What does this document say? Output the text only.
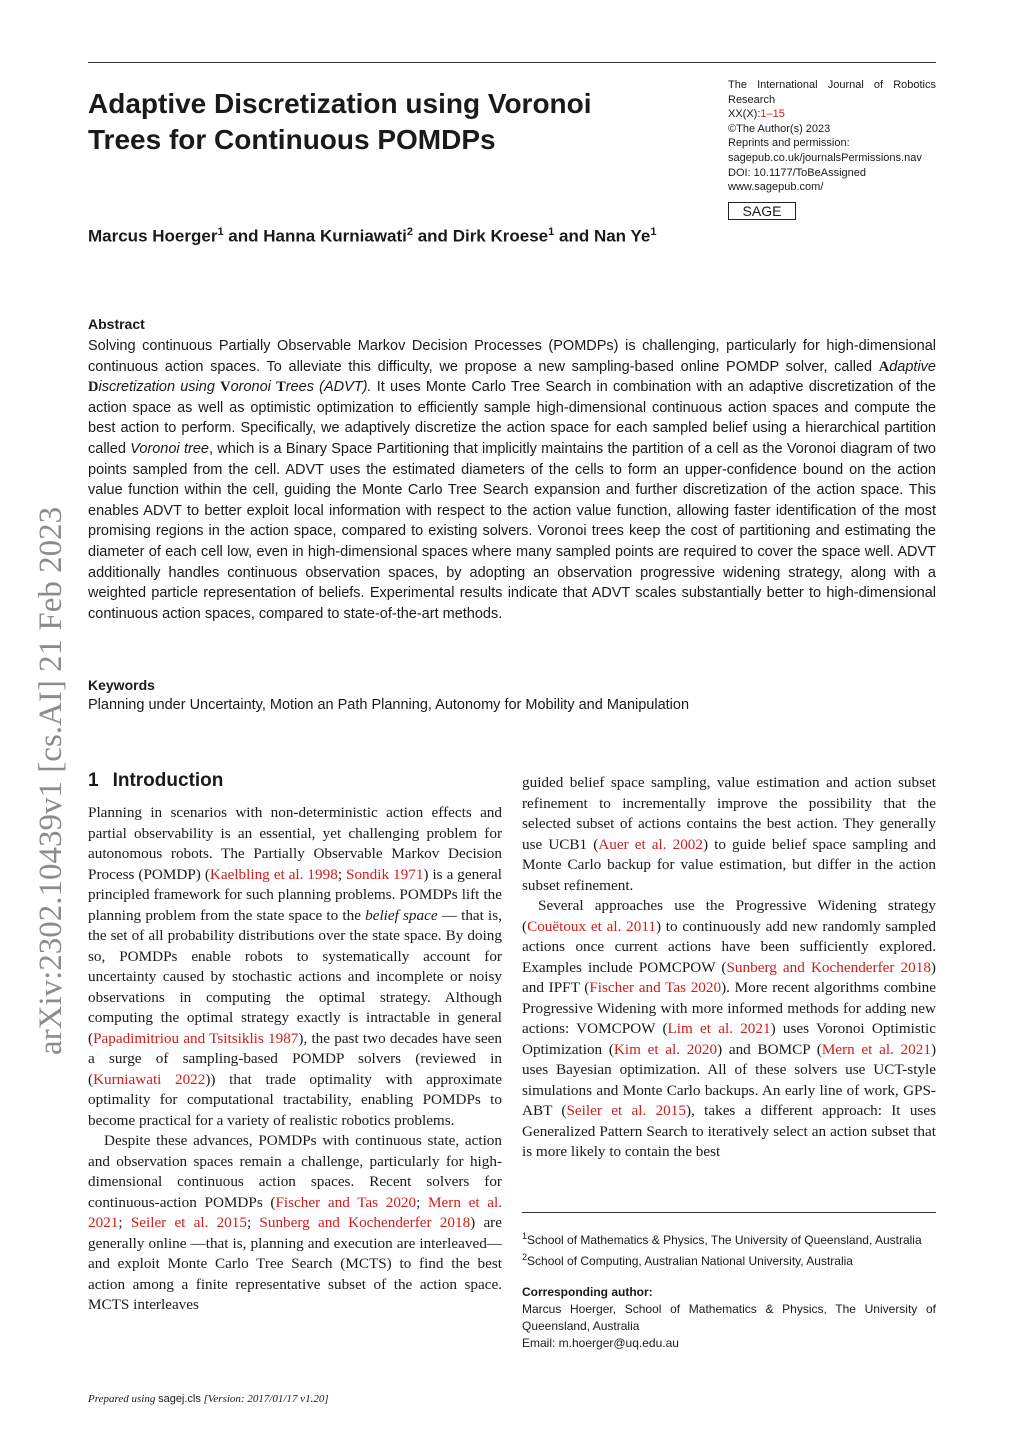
Adaptive Discretization using Voronoi Trees for Continuous POMDPs
The International Journal of Robotics Research
XX(X):1–15
©The Author(s) 2023
Reprints and permission:
sagepub.co.uk/journalsPermissions.nav
DOI: 10.1177/ToBeAssigned
www.sagepub.com/
SAGE
Marcus Hoerger$^1$ and Hanna Kurniawati$^2$ and Dirk Kroese$^1$ and Nan Ye$^1$
Abstract

Solving continuous Partially Observable Markov Decision Processes (POMDPs) is challenging, particularly for high-dimensional continuous action spaces. To alleviate this difficulty, we propose a new sampling-based online POMDP solver, called Adaptive Discretization using Voronoi Trees (ADVT). It uses Monte Carlo Tree Search in combination with an adaptive discretization of the action space as well as optimistic optimization to efficiently sample high-dimensional continuous action spaces and compute the best action to perform. Specifically, we adaptively discretize the action space for each sampled belief using a hierarchical partition called Voronoi tree, which is a Binary Space Partitioning that implicitly maintains the partition of a cell as the Voronoi diagram of two points sampled from the cell. ADVT uses the estimated diameters of the cells to form an upper-confidence bound on the action value function within the cell, guiding the Monte Carlo Tree Search expansion and further discretization of the action space. This enables ADVT to better exploit local information with respect to the action value function, allowing faster identification of the most promising regions in the action space, compared to existing solvers. Voronoi trees keep the cost of partitioning and estimating the diameter of each cell low, even in high-dimensional spaces where many sampled points are required to cover the space well. ADVT additionally handles continuous observation spaces, by adopting an observation progressive widening strategy, along with a weighted particle representation of beliefs. Experimental results indicate that ADVT scales substantially better to high-dimensional continuous action spaces, compared to state-of-the-art methods.

Keywords
Planning under Uncertainty, Motion an Path Planning, Autonomy for Mobility and Manipulation
arXiv:2302.10439v1 [cs.AI] 21 Feb 2023 1 Introduction

Planning in scenarios with non-deterministic action effects and partial observability is an essential, yet challenging problem for autonomous robots. The Partially Observable Markov Decision Process (POMDP) (Kaelbling et al. 1998; Sondik 1971) is a general principled framework for such planning problems. POMDPs lift the planning problem from the state space to the belief space — that is, the set of all probability distributions over the state space. By doing so, POMDPs enable robots to systematically account for uncertainty caused by stochastic actions and incomplete or noisy observations in computing the optimal strategy. Although computing the optimal strategy exactly is intractable in general (Papadimitriou and Tsitsiklis 1987), the past two decades have seen a surge of sampling-based POMDP solvers (reviewed in (Kurniawati 2022)) that trade optimality with approximate optimality for computational tractability, enabling POMDPs to become practical for a variety of realistic robotics problems.

Despite these advances, POMDPs with continuous state, action and observation spaces remain a challenge, particularly for high-dimensional continuous action spaces. Recent solvers for continuous-action POMDPs (Fischer and Tas 2020; Mern et al. 2021; Seiler et al. 2015; Sunberg and Kochenderfer 2018) are generally online —that is, planning and execution are interleaved— and exploit Monte Carlo Tree Search (MCTS) to find the best action among a finite representative subset of the action space. MCTS interleaves

guided belief space sampling, value estimation and action subset refinement to incrementally improve the possibility that the selected subset of actions contains the best action. They generally use UCB1 (Auer et al. 2002) to guide belief space sampling and Monte Carlo backup for value estimation, but differ in the action subset refinement.

Several approaches use the Progressive Widening strategy (Couëtoux et al. 2011) to continuously add new randomly sampled actions once current actions have been sufficiently explored. Examples include POMCPOW (Sunberg and Kochenderfer 2018) and IPFT (Fischer and Tas 2020). More recent algorithms combine Progressive Widening with more informed methods for adding new actions: VOMCPOW (Lim et al. 2021) uses Voronoi Optimistic Optimization (Kim et al. 2020) and BOMCP (Mern et al. 2021) uses Bayesian optimization. All of these solvers use UCT-style simulations and Monte Carlo backups. An early line of work, GPS-ABT (Seiler et al. 2015), takes a different approach: It uses Generalized Pattern Search to iteratively select an action subset that is more likely to contain the best

$^1$School of Mathematics & Physics, The University of Queensland, Australia

$^2$School of Computing, Australian National University, Australia

Corresponding author:

Marcus Hoerger, School of Mathematics & Physics, The University of Queensland, Australia

Email: m.hoerger@uq.edu.au

Prepared using sagej.cls [Version: 2017/01/17 v1.20]
